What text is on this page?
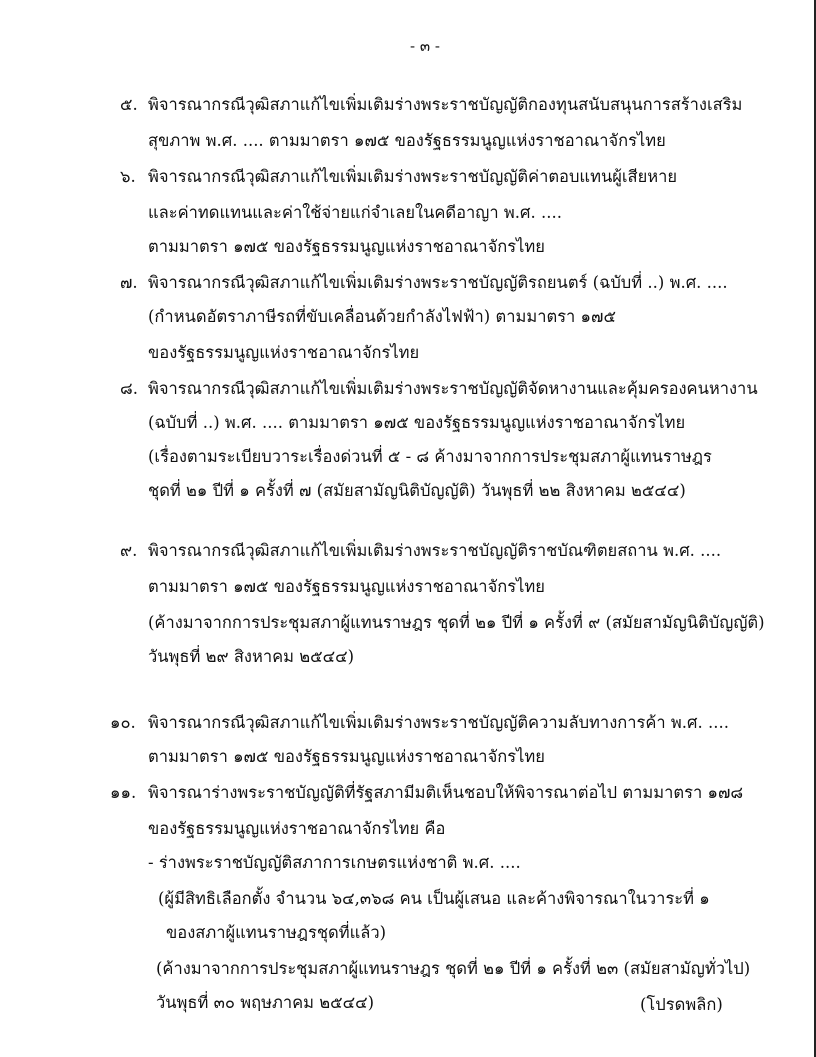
- ๓ -
๕. พิจารณากรณีวุฒิสภาแก้ไขเพิ่มเติมร่างพระราชบัญญัติกองทุนสนับสนุนการสร้างเสริม
สุขภาพ พ.ศ. .... ตามมาตรา ๑๗๕ ของรัฐธรรมนูญแห่งราชอาณาจักรไทย
๖. พิจารณากรณีวุฒิสภาแก้ไขเพิ่มเติมร่างพระราชบัญญัติค่าตอบแทนผู้เสียหาย
และค่าทดแทนและค่าใช้จ่ายแก่จำเลยในคดีอาญา พ.ศ. ....
ตามมาตรา ๑๗๕ ของรัฐธรรมนูญแห่งราชอาณาจักรไทย
๗. พิจารณากรณีวุฒิสภาแก้ไขเพิ่มเติมร่างพระราชบัญญัติรถยนตร์ (ฉบับที่ ..) พ.ศ. ....
(กำหนดอัตราภาษีรถที่ขับเคลื่อนด้วยกำลังไฟฟ้า) ตามมาตรา ๑๗๕
ของรัฐธรรมนูญแห่งราชอาณาจักรไทย
๘. พิจารณากรณีวุฒิสภาแก้ไขเพิ่มเติมร่างพระราชบัญญัติจัดหางานและคุ้มครองคนหางาน
(ฉบับที่ ..) พ.ศ. .... ตามมาตรา ๑๗๕ ของรัฐธรรมนูญแห่งราชอาณาจักรไทย
(เรื่องตามระเบียบวาระเรื่องด่วนที่ ๕ - ๘ ค้างมาจากการประชุมสภาผู้แทนราษฎร
ชุดที่ ๒๑ ปีที่ ๑ ครั้งที่ ๗ (สมัยสามัญนิติบัญญัติ) วันพุธที่ ๒๒ สิงหาคม ๒๕๔๔)
๙. พิจารณากรณีวุฒิสภาแก้ไขเพิ่มเติมร่างพระราชบัญญัติราชบัณฑิตยสถาน พ.ศ. ....
ตามมาตรา ๑๗๕ ของรัฐธรรมนูญแห่งราชอาณาจักรไทย
(ค้างมาจากการประชุมสภาผู้แทนราษฎร ชุดที่ ๒๑ ปีที่ ๑ ครั้งที่ ๙ (สมัยสามัญนิติบัญญัติ)
วันพุธที่ ๒๙ สิงหาคม ๒๕๔๔)
๑๐. พิจารณากรณีวุฒิสภาแก้ไขเพิ่มเติมร่างพระราชบัญญัติความลับทางการค้า พ.ศ. ....
ตามมาตรา ๑๗๕ ของรัฐธรรมนูญแห่งราชอาณาจักรไทย
๑๑. พิจารณาร่างพระราชบัญญัติที่รัฐสภามีมติเห็นชอบให้พิจารณาต่อไป ตามมาตรา ๑๗๘
ของรัฐธรรมนูญแห่งราชอาณาจักรไทย คือ
- ร่างพระราชบัญญัติสภาการเกษตรแห่งชาติ พ.ศ. ....
(ผู้มีสิทธิเลือกตั้ง จำนวน ๖๔,๓๖๘ คน เป็นผู้เสนอ และค้างพิจารณาในวาระที่ ๑
ของสภาผู้แทนราษฎรชุดที่แล้ว)
(ค้างมาจากการประชุมสภาผู้แทนราษฎร ชุดที่ ๒๑ ปีที่ ๑ ครั้งที่ ๒๓ (สมัยสามัญทั่วไป)
วันพุธที่ ๓๐ พฤษภาคม ๒๕๔๔)	(โปรดพลิก)
